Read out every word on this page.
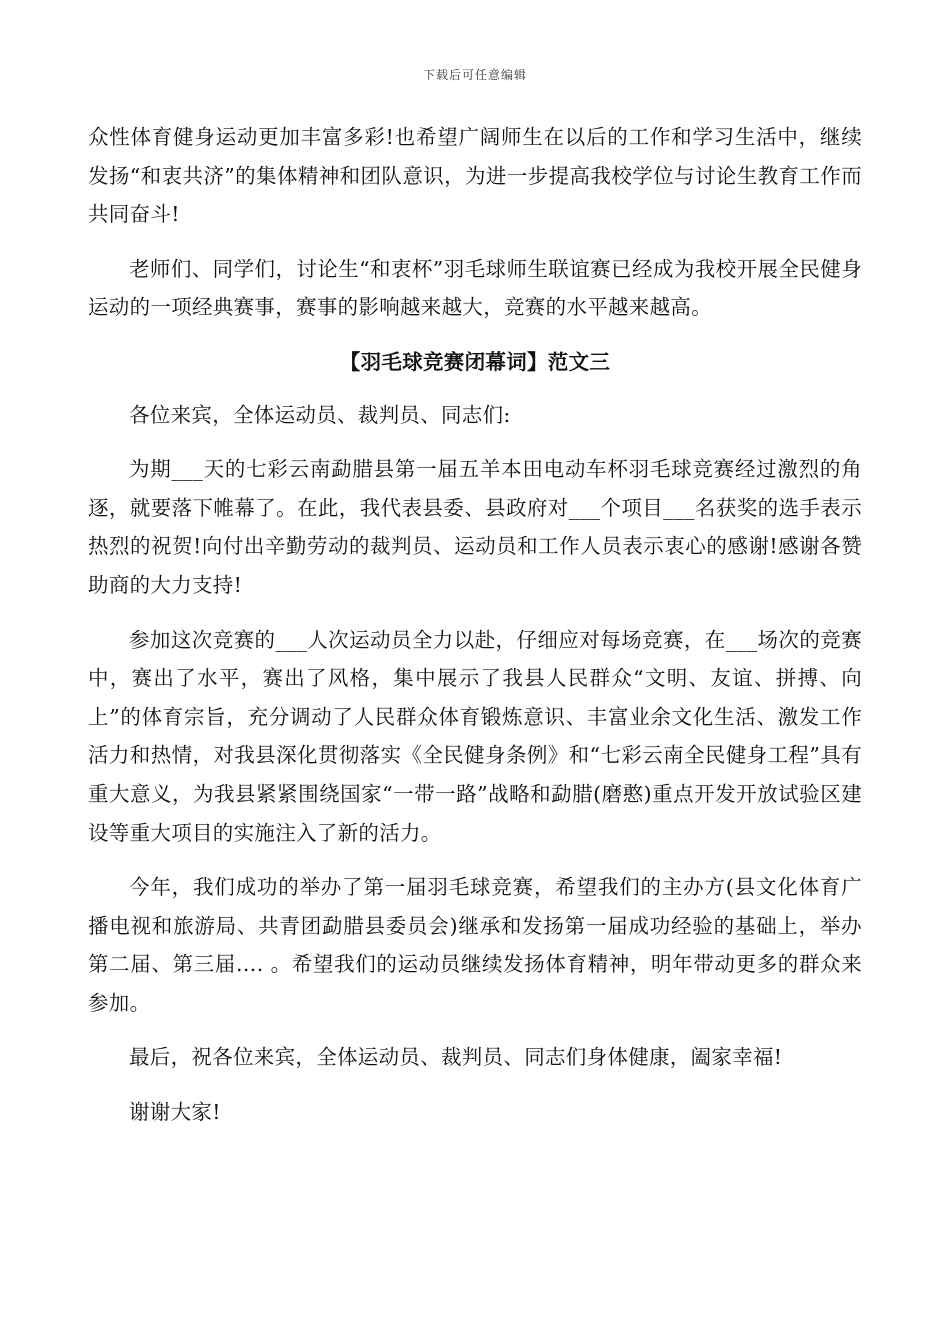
下载后可任意编辑

众性体育健身运动更加丰富多彩!也希望广阔师生在以后的工作和学习生活中，继续发扬“和衷共济”的集体精神和团队意识，为进一步提高我校学位与讨论生教育工作而共同奋斗!

老师们、同学们，讨论生“和衷杯”羽毛球师生联谊赛已经成为我校开展全民健身运动的一项经典赛事，赛事的影响越来越大，竞赛的水平越来越高。

【羽毛球竞赛闭幕词】范文三

各位来宾，全体运动员、裁判员、同志们:

为期___天的七彩云南勐腊县第一届五羊本田电动车杯羽毛球竞赛经过激烈的角逐，就要落下帷幕了。在此，我代表县委、县政府对___个项目___名获奖的选手表示热烈的祝贺!向付出辛勤劳动的裁判员、运动员和工作人员表示衷心的感谢!感谢各赞助商的大力支持!

参加这次竞赛的___人次运动员全力以赴，仔细应对每场竞赛，在___场次的竞赛中，赛出了水平，赛出了风格，集中展示了我县人民群众“文明、友谊、拼搏、向上”的体育宗旨，充分调动了人民群众体育锻炼意识、丰富业余文化生活、激发工作活力和热情，对我县深化贯彻落实《全民健身条例》和“七彩云南全民健身工程”具有重大意义，为我县紧紧围绕国家“一带一路”战略和勐腊(磨憨)重点开发开放试验区建设等重大项目的实施注入了新的活力。

今年，我们成功的举办了第一届羽毛球竞赛，希望我们的主办方(县文化体育广播电视和旅游局、共青团勐腊县委员会)继承和发扬第一届成功经验的基础上，举办第二届、第三届…. 。希望我们的运动员继续发扬体育精神，明年带动更多的群众来参加。

最后，祝各位来宾，全体运动员、裁判员、同志们身体健康，阖家幸福!

谢谢大家!
